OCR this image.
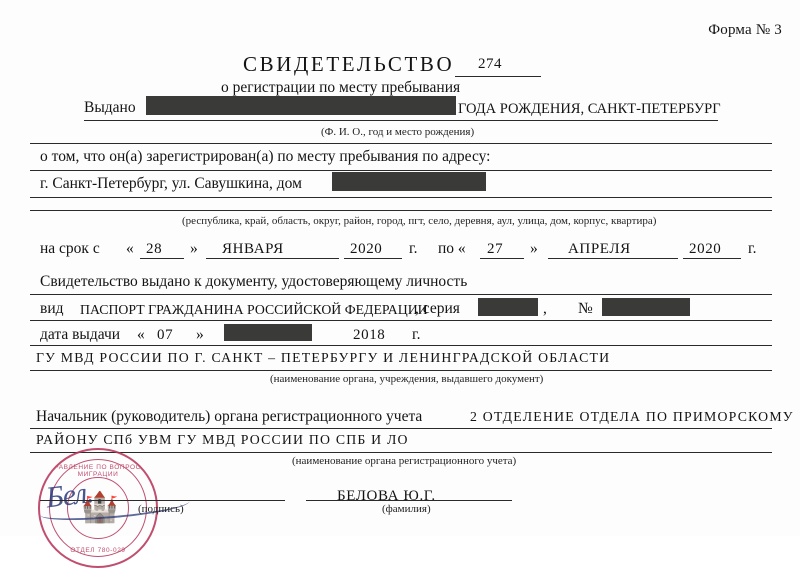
Форма № 3
СВИДЕТЕЛЬСТВО 274
о регистрации по месту пребывания
Выдано	ГОДА РОЖДЕНИЯ, САНКТ-ПЕТЕРБУРГ
(Ф. И. О., год и место рождения)
о том, что он(а) зарегистрирован(а) по месту пребывания по адресу:
г. Санкт-Петербург, ул. Савушкина, дом
(республика, край, область, округ, район, город, пгт, село, деревня, аул, улица, дом, корпус, квартира)
на срок с « 28 » ЯНВАРЯ	2020 г. по « 27 » АПРЕЛЯ	2020 г.
Свидетельство выдано к документу, удостоверяющему личность
вид ПАСПОРТ ГРАЖДАНИНА РОССИЙСКОЙ ФЕДЕРАЦИИ
, серия	, №
дата выдачи « 07 »	2018 г.
ГУ МВД РОССИИ ПО Г. САНКТ – ПЕТЕРБУРГУ И ЛЕНИНГРАДСКОЙ ОБЛАСТИ
(наименование органа, учреждения, выдавшего документ)
Начальник (руководитель) органа регистрационного учета	2 ОТДЕЛЕНИЕ ОТДЕЛА ПО ПРИМОРСКОМУ
РАЙОНУ СПб УВМ ГУ МВД РОССИИ ПО СПБ И ЛО
(наименование органа регистрационного учета)
УПРАВЛЕНИЕ ПО ВОПРОСАМ МИГРАЦИИ
🏰
ОТДЕЛ 780-029
Бел.	(подпись)
БЕЛОВА Ю.Г.
(фамилия)
